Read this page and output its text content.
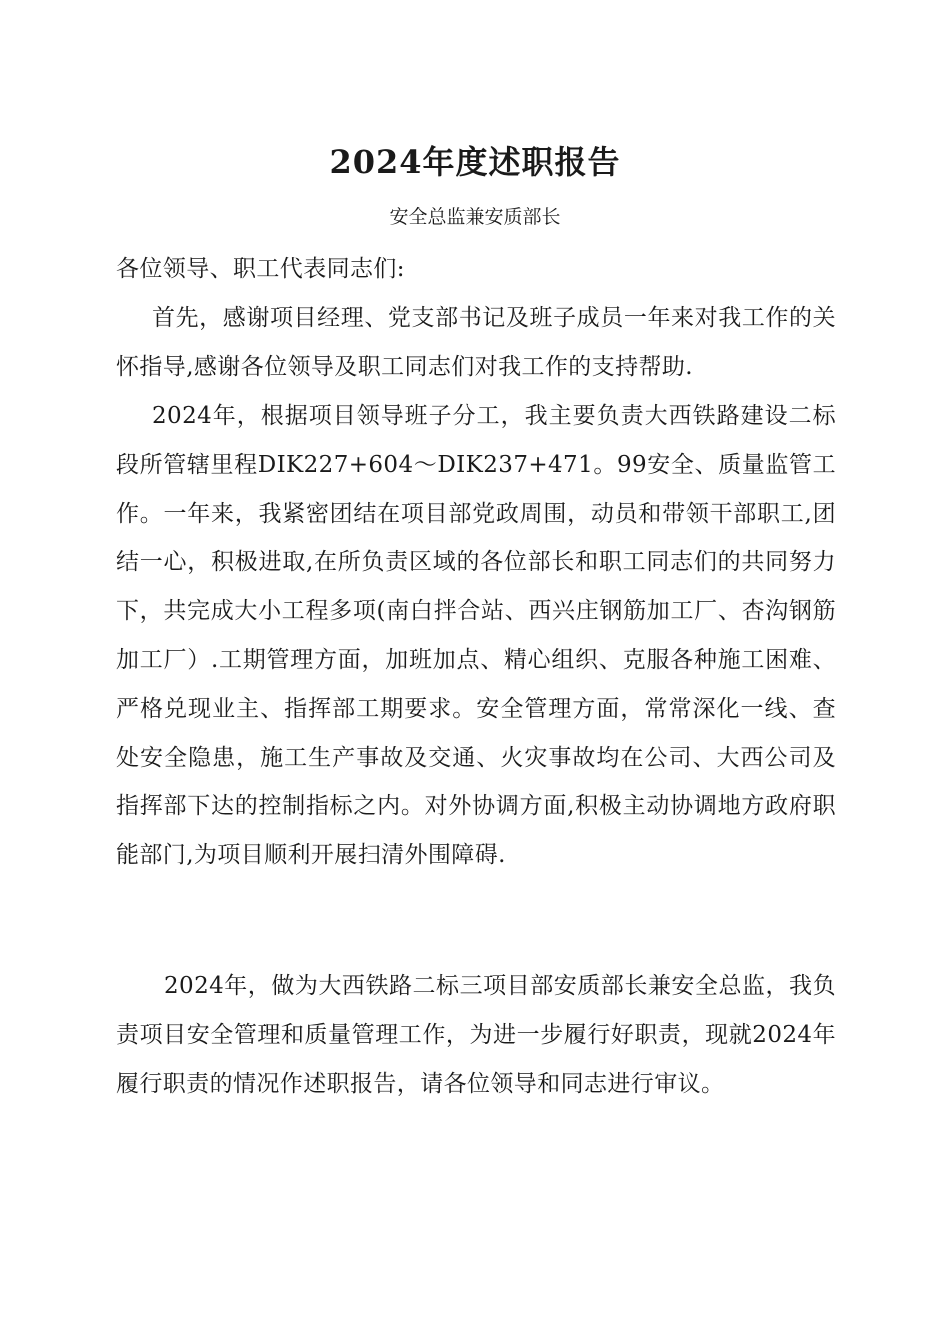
2024年度述职报告
安全总监兼安质部长
各位领导、职工代表同志们:
首先，感谢项目经理、党支部书记及班子成员一年来对我工作的关怀指导,感谢各位领导及职工同志们对我工作的支持帮助.
2024年，根据项目领导班子分工，我主要负责大西铁路建设二标段所管辖里程DIK227+604～DIK237+471。99安全、质量监管工作。一年来，我紧密团结在项目部党政周围，动员和带领干部职工,团结一心，积极进取,在所负责区域的各位部长和职工同志们的共同努力下，共完成大小工程多项(南白拌合站、西兴庄钢筋加工厂、杏沟钢筋加工厂）.工期管理方面，加班加点、精心组织、克服各种施工困难、严格兑现业主、指挥部工期要求。安全管理方面，常常深化一线、查处安全隐患，施工生产事故及交通、火灾事故均在公司、大西公司及指挥部下达的控制指标之内。对外协调方面,积极主动协调地方政府职能部门,为项目顺利开展扫清外围障碍.
2024年，做为大西铁路二标三项目部安质部长兼安全总监，我负责项目安全管理和质量管理工作，为进一步履行好职责，现就2024年履行职责的情况作述职报告，请各位领导和同志进行审议。
